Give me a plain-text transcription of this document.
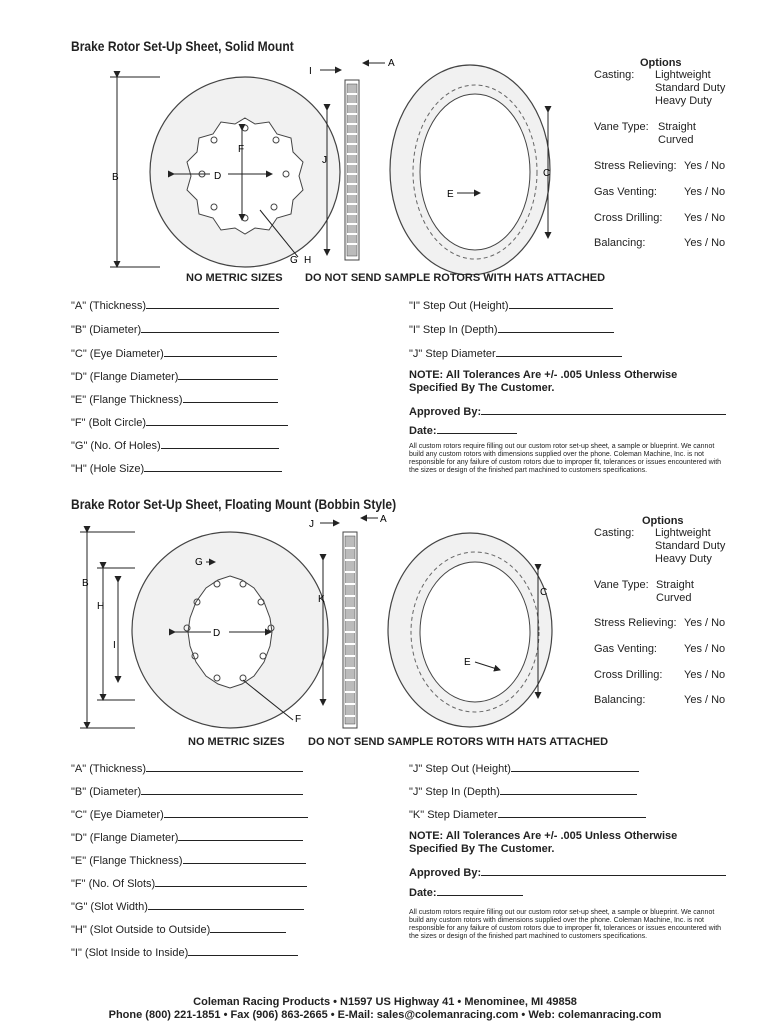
Brake Rotor Set-Up Sheet, Solid Mount
B	D
F
G H
J
I
A
C
E
Options
Casting: Lightweight
Standard Duty
Heavy Duty
Vane Type: Straight
Curved
Stress Relieving: Yes / No
Gas Venting: Yes / No
Cross Drilling: Yes / No
Balancing:	Yes / No
NO METRIC SIZES DO NOT SEND SAMPLE ROTORS WITH HATS ATTACHED
"A" (Thickness)
"B" (Diameter)
"C" (Eye Diameter)
"D" (Flange Diameter)
"E" (Flange Thickness)
"F" (Bolt Circle)
"G" (No. Of Holes)
"H" (Hole Size)
"I" Step Out (Height)
"I" Step In (Depth)
"J" Step Diameter
NOTE: All Tolerances Are +/- .005 Unless Otherwise Specified By The Customer.
Approved By:
Date:
All custom rotors require filling out our custom rotor set-up sheet, a sample or blueprint. We cannot build any custom rotors with dimensions supplied over the phone. Coleman Machine, Inc. is not responsible for any failure of custom rotors due to improper fit, tolerances or issues encountered with the sizes or design of the finished part machined to customers specifications.
Brake Rotor Set-Up Sheet, Floating Mount (Bobbin Style)
B
H
I
D
G
F
K
J	A
C
E
Options
Casting: Lightweight
Standard Duty
Heavy Duty
Vane Type: Straight
Curved
Stress Relieving: Yes / No
Gas Venting: Yes / No
Cross Drilling: Yes / No
Balancing:	Yes / No
NO METRIC SIZES DO NOT SEND SAMPLE ROTORS WITH HATS ATTACHED
"A" (Thickness)
"B" (Diameter)
"C" (Eye Diameter)
"D" (Flange Diameter)
"E" (Flange Thickness)
"F" (No. Of Slots)
"G" (Slot Width)
"H" (Slot Outside to Outside)
"I" (Slot Inside to Inside)
"J" Step Out (Height)
"J" Step In (Depth)
"K" Step Diameter
NOTE: All Tolerances Are +/- .005 Unless Otherwise Specified By The Customer.
Approved By:
Date:
All custom rotors require filling out our custom rotor set-up sheet, a sample or blueprint. We cannot build any custom rotors with dimensions supplied over the phone. Coleman Machine, Inc. is not responsible for any failure of custom rotors due to improper fit, tolerances or issues encountered with the sizes or design of the finished part machined to customers specifications.
Coleman Racing Products • N1597 US Highway 41 • Menominee, MI 49858
Phone (800) 221-1851 • Fax (906) 863-2665 • E-Mail: sales@colemanracing.com • Web: colemanracing.com
